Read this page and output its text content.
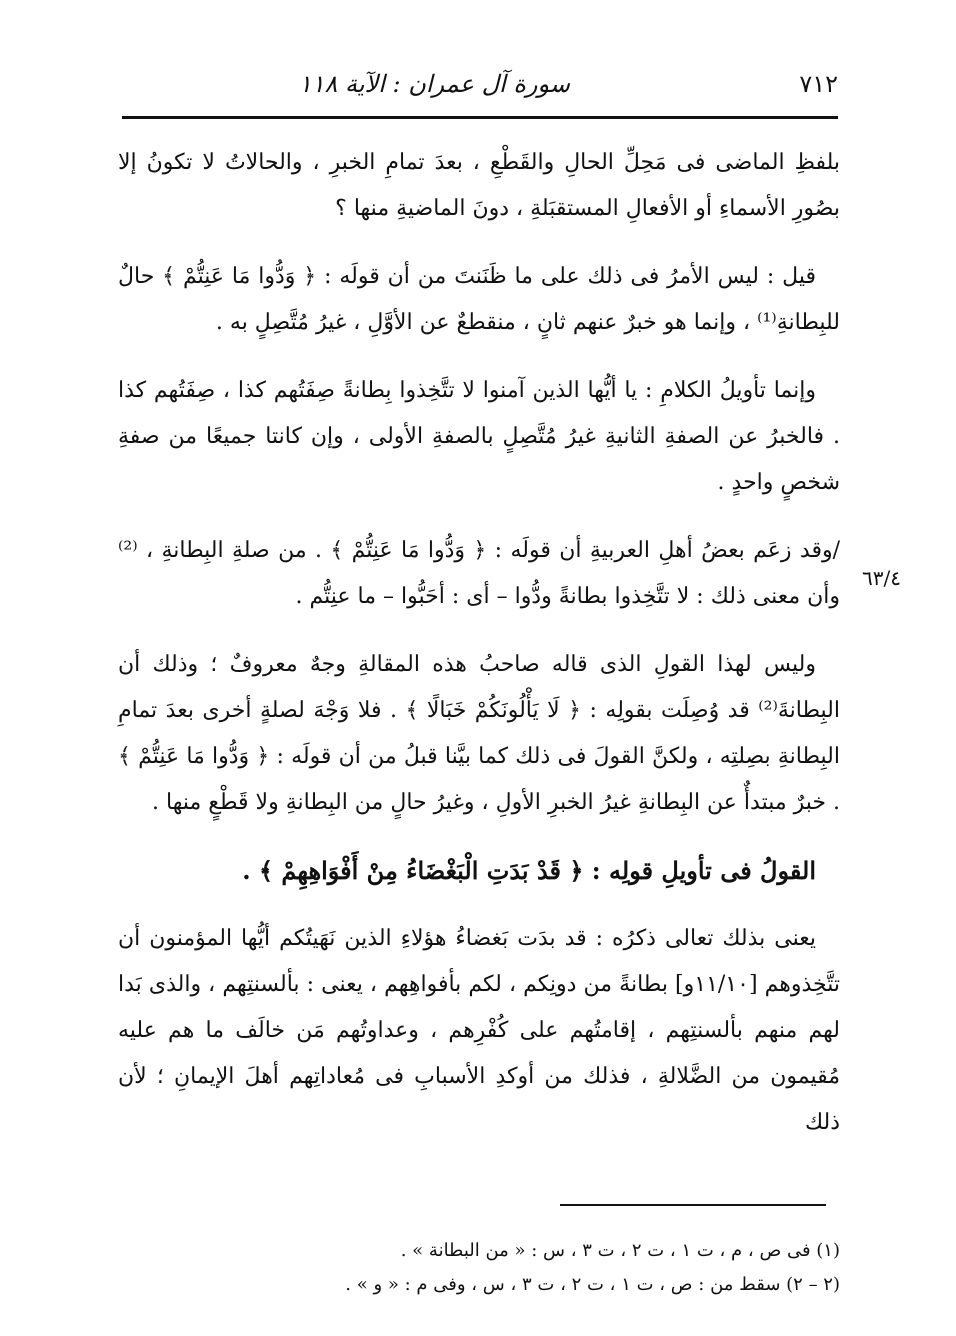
٧١٢
سورة آل عمران : الآية ١١٨
٦٣/٤

بلفظِ الماضى فى مَحِلِّ الحالِ والقَطْعِ ، بعدَ تمامِ الخبرِ ، والحالاتُ لا تكونُ إلا بصُورِ الأسماءِ أو الأفعالِ المستقبَلةِ ، دونَ الماضيةِ منها ؟

قيل : ليس الأمرُ فى ذلك على ما ظَنَنتَ من أن قولَه : ﴿ وَدُّوا مَا عَنِتُّمْ ﴾ حالٌ للبِطانةِ⁽¹⁾ ، وإنما هو خبرٌ عنهم ثانٍ ، منقطعٌ عن الأوَّلِ ، غيرُ مُتَّصِلٍ به .

وإنما تأويلُ الكلامِ : يا أيُّها الذين آمنوا لا تتَّخِذوا بِطانةً صِفَتُهم كذا ، صِفَتُهم كذا . فالخبرُ عن الصفةِ الثانيةِ غيرُ مُتَّصِلٍ بالصفةِ الأولى ، وإن كانتا جميعًا من صفةِ شخصٍ واحدٍ .

/وقد زعَم بعضُ أهلِ العربيةِ أن قولَه : ﴿ وَدُّوا مَا عَنِتُّمْ ﴾ . من صلةِ البِطانةِ ، ⁽²⁾وأن معنى ذلك : لا تتَّخِذوا بطانةً ودُّوا – أى : أحَبُّوا – ما عنِتُّم .

وليس لهذا القولِ الذى قاله صاحبُ هذه المقالةِ وجهٌ معروفٌ ؛ وذلك أن البِطانةَ⁽²⁾ قد وُصِلَت بقولِه : ﴿ لَا يَأْلُونَكُمْ خَبَالًا ﴾ . فلا وَجْهَ لصلةٍ أخرى بعدَ تمامِ البِطانةِ بصِلتِه ، ولكنَّ القولَ فى ذلك كما بيَّنا قبلُ من أن قولَه : ﴿ وَدُّوا مَا عَنِتُّمْ ﴾ . خبرٌ مبتدأٌ عن البِطانةِ غيرُ الخبرِ الأولِ ، وغيرُ حالٍ من البِطانةِ ولا قَطْعٍ منها .

القولُ فى تأويلِ قولِه : ﴿ قَدْ بَدَتِ الْبَغْضَاءُ مِنْ أَفْوَاهِهِمْ ﴾ .

يعنى بذلك تعالى ذكرُه : قد بدَت بَغضاءُ هؤلاءِ الذين نَهَيتُكم أيُّها المؤمنون أن تتَّخِذوهم [١١/١٠و] بطانةً من دونِكم ، لكم بأفواهِهم ، يعنى : بألسنتِهم ، والذى بَدا لهم منهم بألسنتِهم ، إقامتُهم على كُفْرِهم ، وعداوتُهم مَن خالَف ما هم عليه مُقيمون من الضَّلالةِ ، فذلك من أوكدِ الأسبابِ فى مُعاداتِهم أهلَ الإيمانِ ؛ لأن ذلك

(١) فى ص ، م ، ت ١ ، ت ٢ ، ت ٣ ، س : « من البطانة » .

(٢ – ٢) سقط من : ص ، ت ١ ، ت ٢ ، ت ٣ ، س ، وفى م : « و » .
